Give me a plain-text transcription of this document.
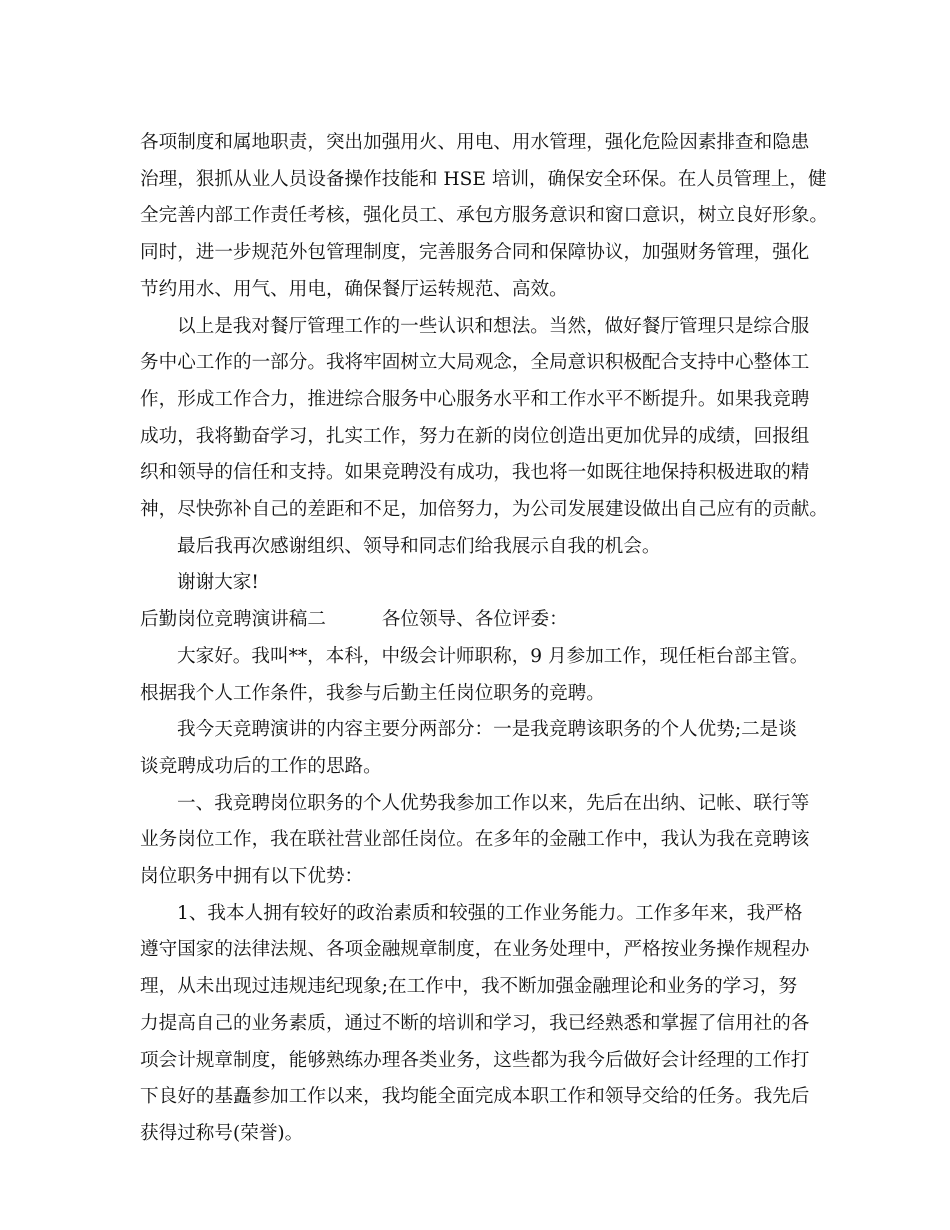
各项制度和属地职责，突出加强用火、用电、用水管理，强化危险因素排查和隐患
治理，狠抓从业人员设备操作技能和 HSE 培训，确保安全环保。在人员管理上，健
全完善内部工作责任考核，强化员工、承包方服务意识和窗口意识，树立良好形象。
同时，进一步规范外包管理制度，完善服务合同和保障协议，加强财务管理，强化
节约用水、用气、用电，确保餐厅运转规范、高效。
以上是我对餐厅管理工作的一些认识和想法。当然，做好餐厅管理只是综合服
务中心工作的一部分。我将牢固树立大局观念，全局意识积极配合支持中心整体工
作，形成工作合力，推进综合服务中心服务水平和工作水平不断提升。如果我竞聘
成功，我将勤奋学习，扎实工作，努力在新的岗位创造出更加优异的成绩，回报组
织和领导的信任和支持。如果竞聘没有成功，我也将一如既往地保持积极进取的精
神，尽快弥补自己的差距和不足，加倍努力，为公司发展建设做出自己应有的贡献。
最后我再次感谢组织、领导和同志们给我展示自我的机会。
谢谢大家!
后勤岗位竞聘演讲稿二　　　各位领导、各位评委：
大家好。我叫**，本科，中级会计师职称，9 月参加工作，现任柜台部主管。
根据我个人工作条件，我参与后勤主任岗位职务的竞聘。
我今天竞聘演讲的内容主要分两部分：一是我竞聘该职务的个人优势;二是谈
谈竞聘成功后的工作的思路。
一、我竞聘岗位职务的个人优势我参加工作以来，先后在出纳、记帐、联行等
业务岗位工作，我在联社营业部任岗位。在多年的金融工作中，我认为我在竞聘该
岗位职务中拥有以下优势：
1、我本人拥有较好的政治素质和较强的工作业务能力。工作多年来，我严格
遵守国家的法律法规、各项金融规章制度，在业务处理中，严格按业务操作规程办
理，从未出现过违规违纪现象;在工作中，我不断加强金融理论和业务的学习，努
力提高自己的业务素质，通过不断的培训和学习，我已经熟悉和掌握了信用社的各
项会计规章制度，能够熟练办理各类业务，这些都为我今后做好会计经理的工作打
下良好的基矗参加工作以来，我均能全面完成本职工作和领导交给的任务。我先后
获得过称号(荣誉)。
